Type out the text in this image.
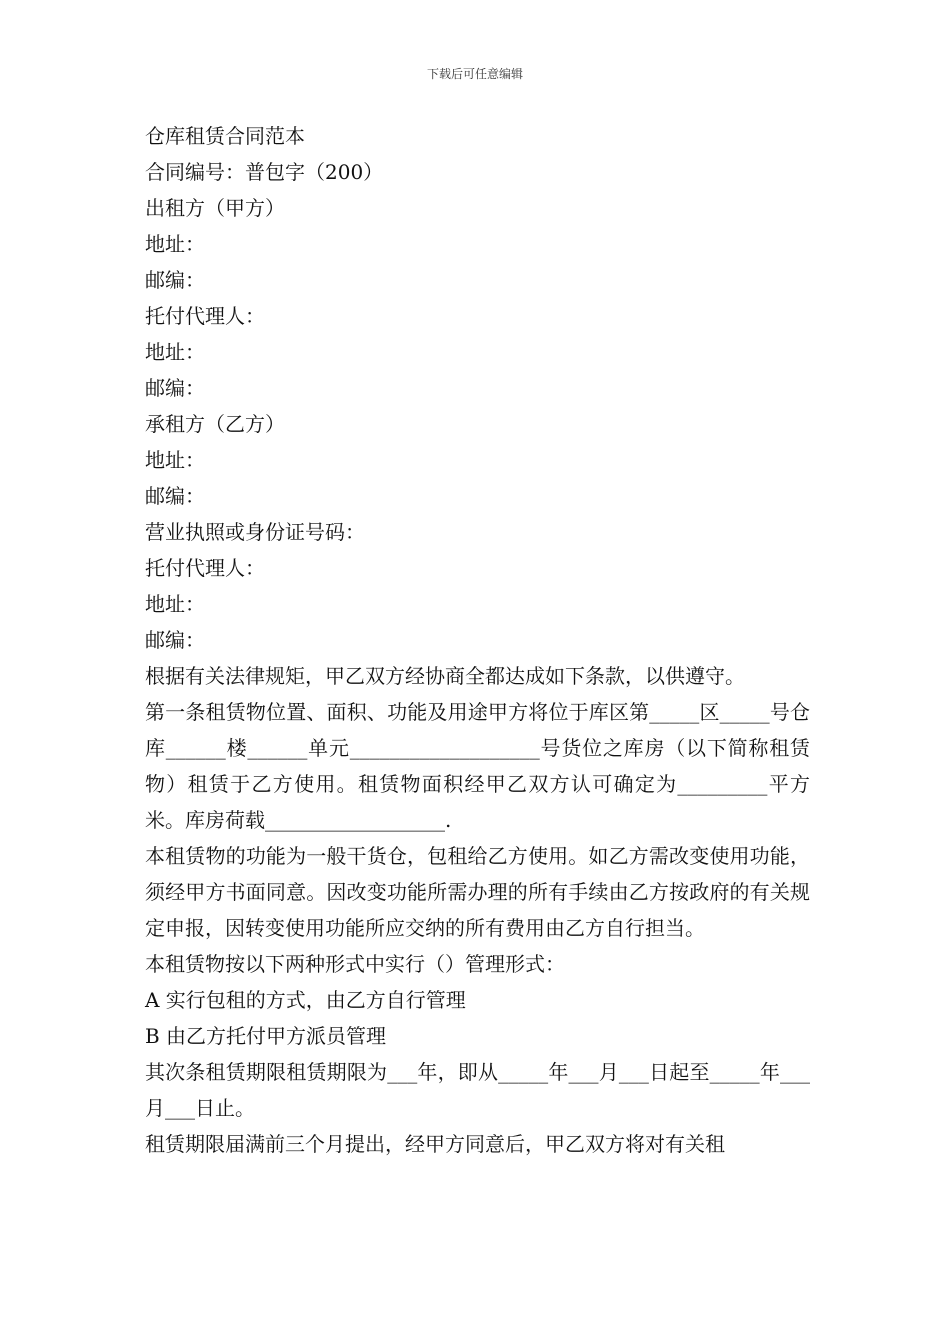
下载后可任意编辑
仓库租赁合同范本
合同编号：普包字（200）
出租方（甲方）
地址：
邮编：
托付代理人：
地址：
邮编：
承租方（乙方）
地址：
邮编：
营业执照或身份证号码：
托付代理人：
地址：
邮编：
根据有关法律规矩，甲乙双方经协商全都达成如下条款，以供遵守。
第一条租赁物位置、面积、功能及用途甲方将位于库区第_____区_____号仓库______楼______单元___________________号货位之库房（以下简称租赁物）租赁于乙方使用。租赁物面积经甲乙双方认可确定为_________平方米。库房荷载__________________.
本租赁物的功能为一般干货仓，包租给乙方使用。如乙方需改变使用功能，须经甲方书面同意。因改变功能所需办理的所有手续由乙方按政府的有关规定申报，因转变使用功能所应交纳的所有费用由乙方自行担当。
本租赁物按以下两种形式中实行（）管理形式：
A 实行包租的方式，由乙方自行管理
B 由乙方托付甲方派员管理
其次条租赁期限租赁期限为___年，即从_____年___月___日起至_____年___月___日止。
租赁期限届满前三个月提出，经甲方同意后，甲乙双方将对有关租
